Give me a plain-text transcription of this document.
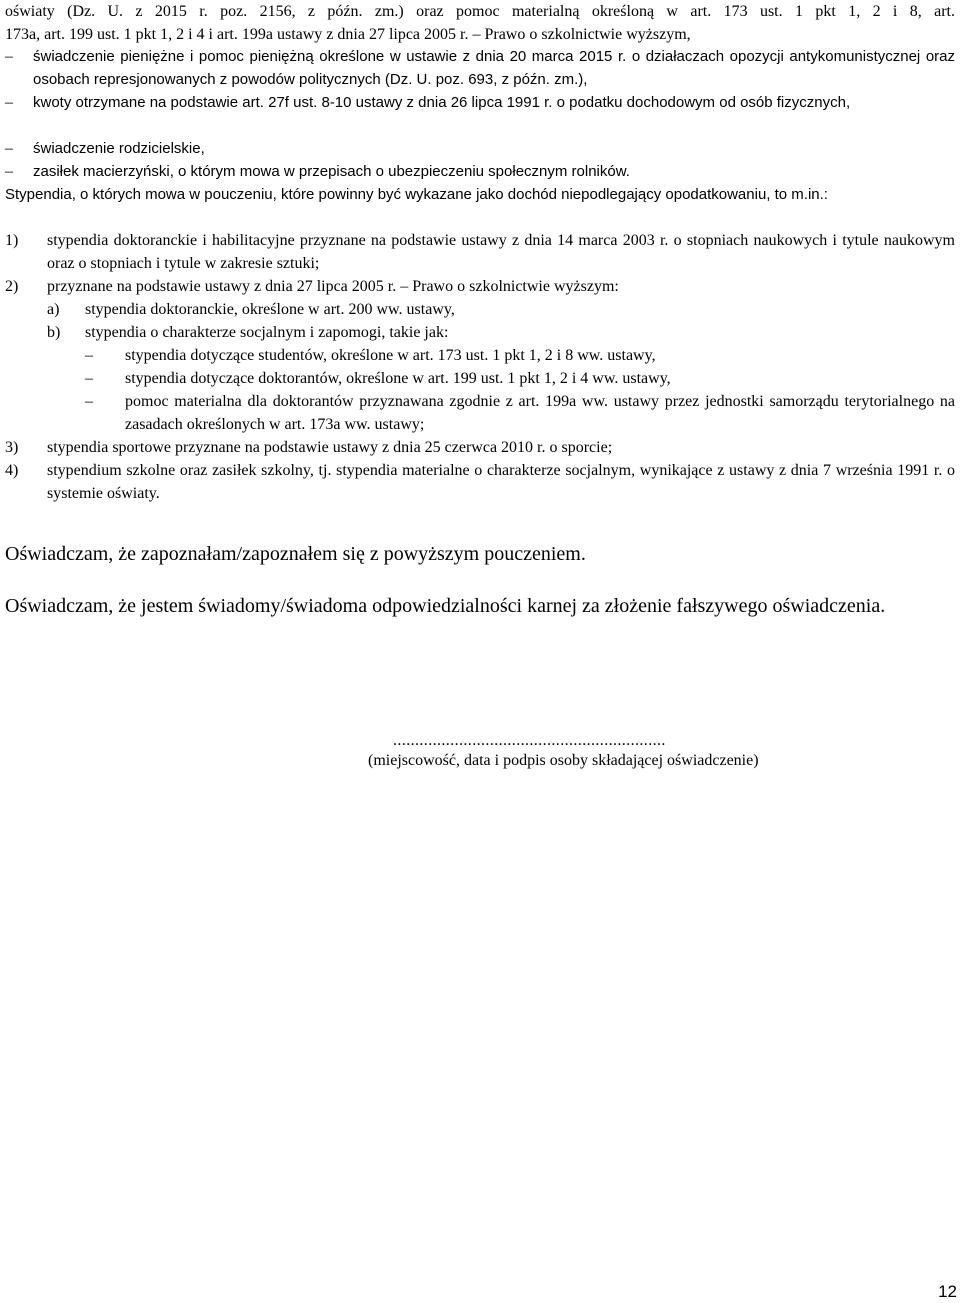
oświaty (Dz. U. z 2015 r. poz. 2156, z późn. zm.) oraz pomoc materialną określoną w art. 173 ust. 1 pkt 1, 2 i 8, art.
173a, art. 199 ust. 1 pkt 1, 2 i 4 i art. 199a ustawy z dnia 27 lipca 2005 r. – Prawo o szkolnictwie wyższym,
– świadczenie pieniężne i pomoc pieniężną określone w ustawie z dnia 20 marca 2015 r. o działaczach opozycji antykomunistycznej oraz osobach represjonowanych z powodów politycznych (Dz. U. poz. 693, z późn. zm.),
– kwoty otrzymane na podstawie art. 27f ust. 8-10 ustawy z dnia 26 lipca 1991 r. o podatku dochodowym od osób fizycznych,
– świadczenie rodzicielskie,
– zasiłek macierzyński, o którym mowa w przepisach o ubezpieczeniu społecznym rolników.
Stypendia, o których mowa w pouczeniu, które powinny być wykazane jako dochód niepodlegający opodatkowaniu, to m.in.:
1) stypendia doktoranckie i habilitacyjne przyznane na podstawie ustawy z dnia 14 marca 2003 r. o stopniach naukowych i tytule naukowym oraz o stopniach i tytule w zakresie sztuki;
2) przyznane na podstawie ustawy z dnia 27 lipca 2005 r. – Prawo o szkolnictwie wyższym:
a) stypendia doktoranckie, określone w art. 200 ww. ustawy,
b) stypendia o charakterze socjalnym i zapomogi, takie jak:
– stypendia dotyczące studentów, określone w art. 173 ust. 1 pkt 1, 2 i 8 ww. ustawy,
– stypendia dotyczące doktorantów, określone w art. 199 ust. 1 pkt 1, 2 i 4 ww. ustawy,
– pomoc materialna dla doktorantów przyznawana zgodnie z art. 199a ww. ustawy przez jednostki samorządu terytorialnego na zasadach określonych w art. 173a ww. ustawy;
3) stypendia sportowe przyznane na podstawie ustawy z dnia 25 czerwca 2010 r. o sporcie;
4) stypendium szkolne oraz zasiłek szkolny, tj. stypendia materialne o charakterze socjalnym, wynikające z ustawy z dnia 7 września 1991 r. o systemie oświaty.
Oświadczam, że zapoznałam/zapoznałem się z powyższym pouczeniem.
Oświadczam, że jestem świadomy/świadoma odpowiedzialności karnej za złożenie fałszywego oświadczenia.
..............................................................
(miejscowość, data i podpis osoby składającej oświadczenie)
12
